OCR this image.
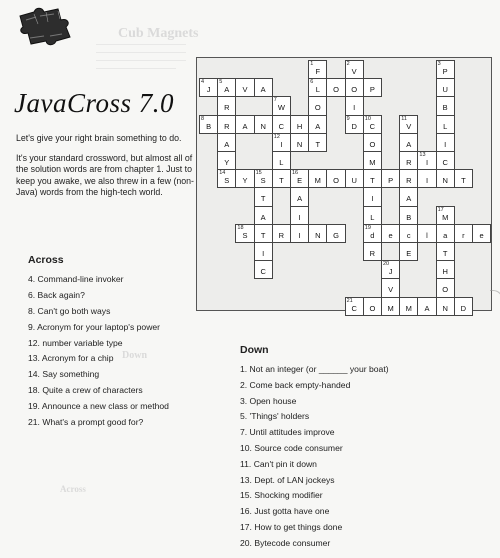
Cub Magnets
Down
Across
JavaCross 7.0

Let's give your right brain something to do.

It's your standard crossword, but almost all of the solution words are from chapter 1. Just to keep you awake, we also threw in a few (non-Java) words from the high-tech world.

Across
4. Command-line invoker
6. Back again?
8. Can't go both ways
9. Acronym for your laptop's power
12. number variable type
13. Acronym for a chip
14. Say something
18. Quite a crew of characters
19. Announce a new class or method
21. What's a prompt good for?
Down
1. Not an integer (or ______ your boat)
2. Come back empty-handed
3. Open house
5. 'Things' holders
7. Until attitudes improve
10. Source code consumer
11. Can't pin it down
13. Dept. of LAN jockeys
15. Shocking modifier
16. Just gotta have one
17. How to get things done
20. Bytecode consumer
1
F
2
V
3
P
4
J
5
A	V	A
6
L	O	O	P	U
R
7
W	O	I	B
8
B	R	A	N	C	H	A
9
D
10
C
11
V	L
A
12
I	N	T	O	A	I
Y	L	M	R
13
I	C
14
S	Y
15
S	T
16
E	M	O	U	T	P	R	I	N	T
T	A	I	A
A	I	L	B
17
M
18
S	T	R	I	N	G
19
d	e	c	l	a	r	e
I	R	E	T
C
20
J	H
V	O
21
C	O	M	M	A	N	D
